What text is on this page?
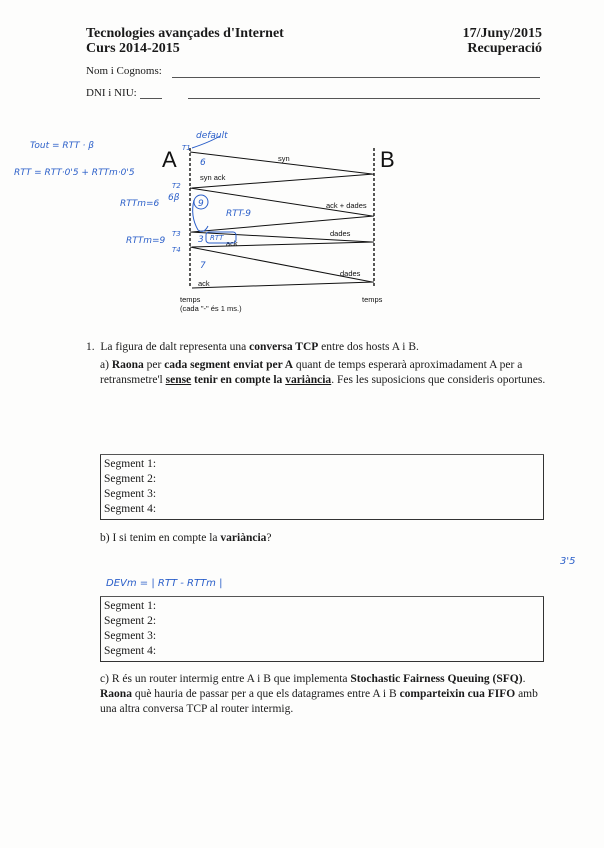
Tecnologies avançades d'Internet
Curs 2014-2015
17/Juny/2015
Recuperació
Nom i Cognoms:
DNI i NIU:
A	B
syn
syn ack
ack + dades
dades
ack
dades
ack
temps
(cada "-" és 1 ms.)
temps
Tout = RTT · β
RTT = RTT·0'5 + RTTm·0'5
RTTm=6
6β
T2
default
T1
RTT-9
RTTm=9
T3
T4
6
9
3
7
RTT
1. La figura de dalt representa una conversa TCP entre dos hosts A i B.
a) Raona per cada segment enviat per A quant de temps esperarà aproximadament A per a retransmetre'l sense tenir en compte la variància. Fes les suposicions que consideris oportunes.
Segment 1:
Segment 2:
Segment 3:
Segment 4:
b) I si tenim en compte la variància?
3'5
DEVm = | RTT - RTTm |
Segment 1:
Segment 2:
Segment 3:
Segment 4:
c) R és un router intermig entre A i B que implementa Stochastic Fairness Queuing (SFQ). Raona què hauria de passar per a que els datagrames entre A i B comparteixin cua FIFO amb una altra conversa TCP al router intermig.
